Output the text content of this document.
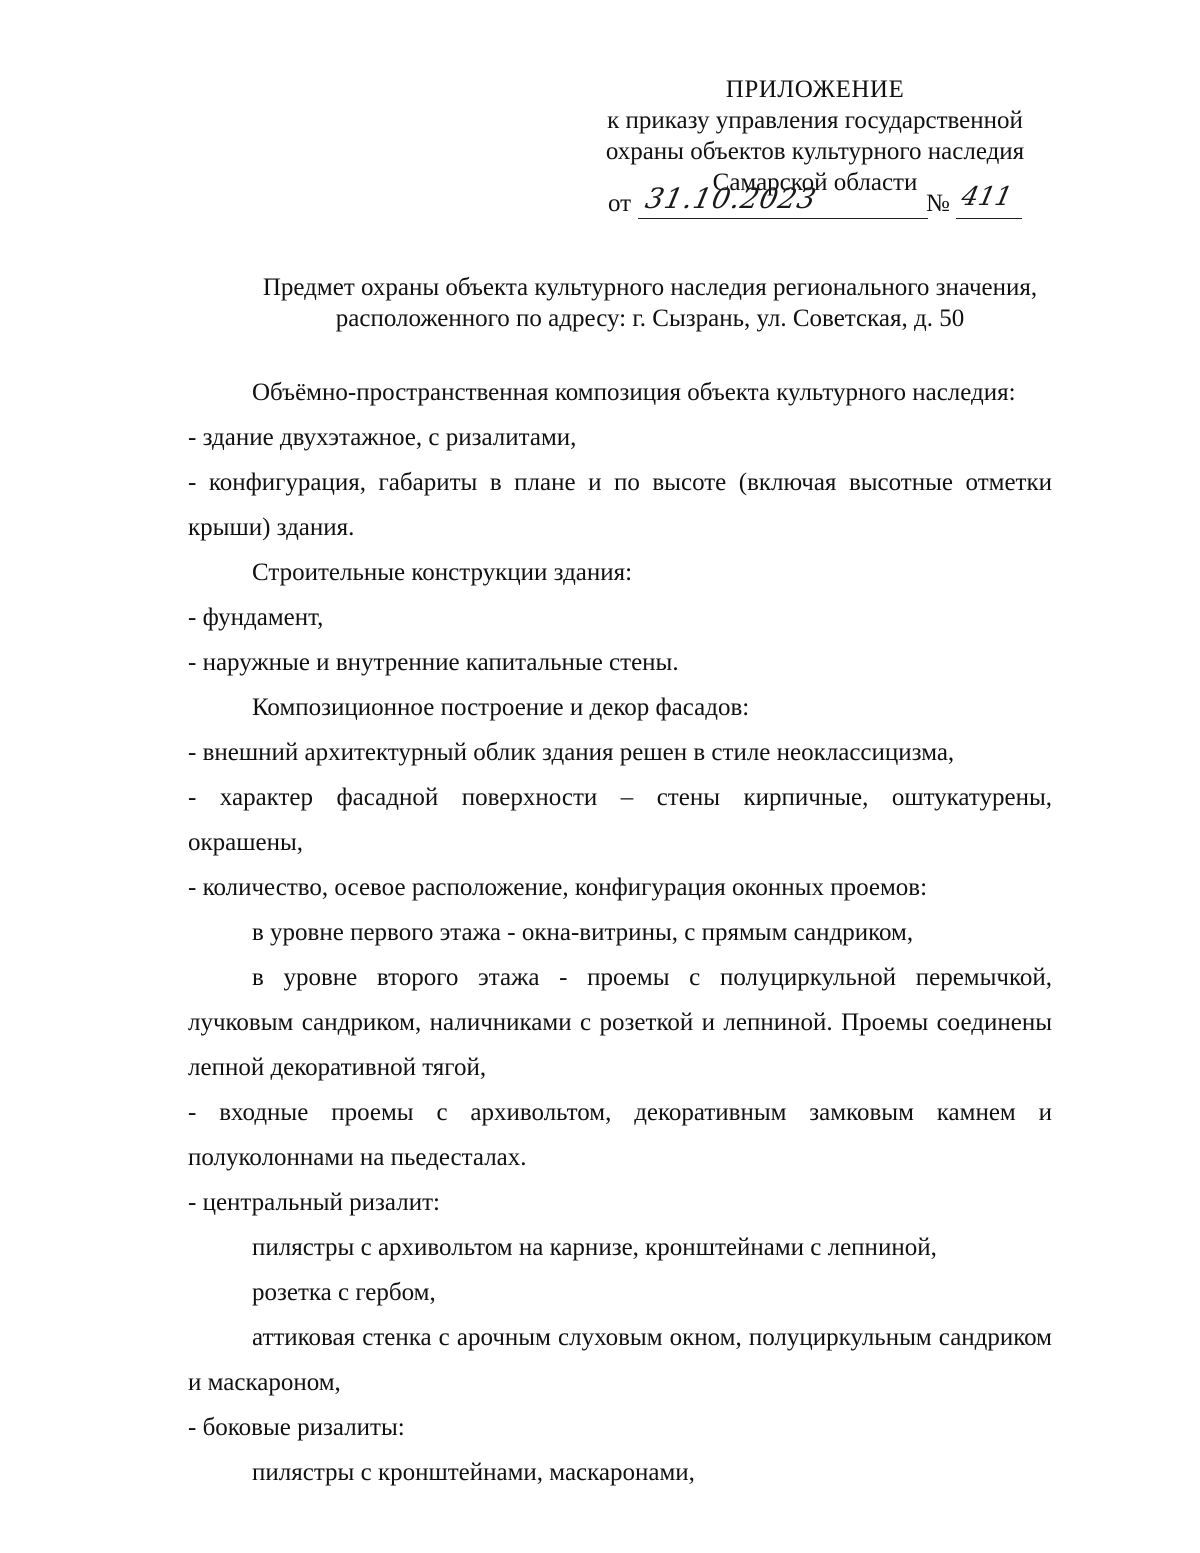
ПРИЛОЖЕНИЕ
к приказу управления государственной
охраны объектов культурного наследия
Самарской области
от 31.10.2023	№ 411
Предмет охраны объекта культурного наследия регионального значения,
расположенного по адресу: г. Сызрань, ул. Советская, д. 50

Объёмно-пространственная композиция объекта культурного наследия:

- здание двухэтажное, с ризалитами,

- конфигурация, габариты в плане и по высоте (включая высотные отметки крыши) здания.

Строительные конструкции здания:

- фундамент,

- наружные и внутренние капитальные стены.

Композиционное построение и декор фасадов:

- внешний архитектурный облик здания решен в стиле неоклассицизма,

- характер фасадной поверхности – стены кирпичные, оштукатурены, окрашены,

- количество, осевое расположение, конфигурация оконных проемов:

в уровне первого этажа - окна-витрины, с прямым сандриком,

в уровне второго этажа - проемы с полуциркульной перемычкой, лучковым сандриком, наличниками с розеткой и лепниной. Проемы соединены лепной декоративной тягой,

- входные проемы с архивольтом, декоративным замковым камнем и полуколоннами на пьедесталах.

- центральный ризалит:

пилястры с архивольтом на карнизе, кронштейнами с лепниной,

розетка с гербом,

аттиковая стенка с арочным слуховым окном, полуциркульным сандриком и маскароном,

- боковые ризалиты:

пилястры с кронштейнами, маскаронами,
